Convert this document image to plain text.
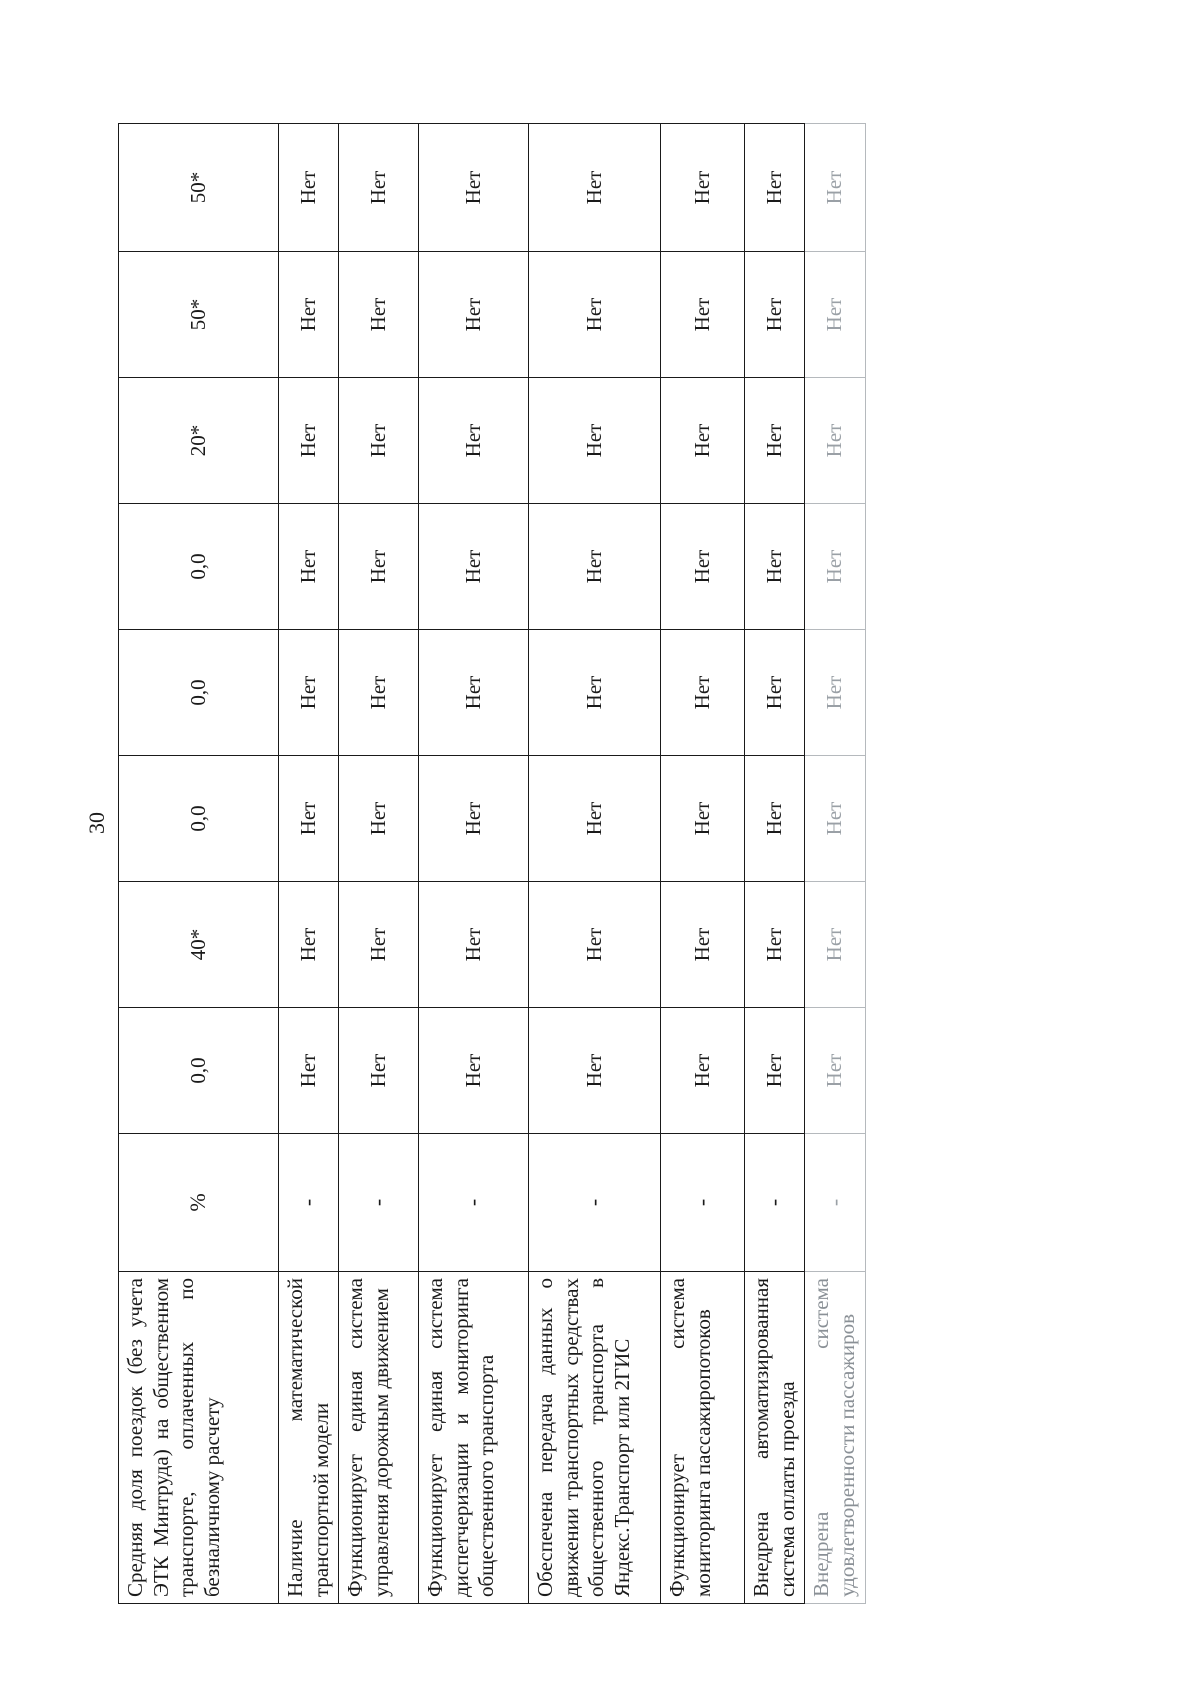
30
Средняя доля поездок (без учета ЭТК Минтруда) на общественном транспорте, оплаченных по безналичному расчету	%	0,0	40*	0,0	0,0	0,0	20*	50*	50*
Наличие математической транспортной модели	-	Нет	Нет	Нет	Нет	Нет	Нет	Нет	Нет
Функционирует единая система управления дорожным движением	-	Нет	Нет	Нет	Нет	Нет	Нет	Нет	Нет
Функционирует единая система диспетчеризации и мониторинга общественного транспорта	-	Нет	Нет	Нет	Нет	Нет	Нет	Нет	Нет
Обеспечена передача данных о движении транспортных средствах общественного транспорта в Яндекс.Транспорт или 2ГИС	-	Нет	Нет	Нет	Нет	Нет	Нет	Нет	Нет
Функционирует система мониторинга пассажиропотоков	-	Нет	Нет	Нет	Нет	Нет	Нет	Нет	Нет
Внедрена автоматизированная система оплаты проезда	-	Нет	Нет	Нет	Нет	Нет	Нет	Нет	Нет
Внедрена система удовлетворенности пассажиров	-	Нет	Нет	Нет	Нет	Нет	Нет	Нет	Нет
